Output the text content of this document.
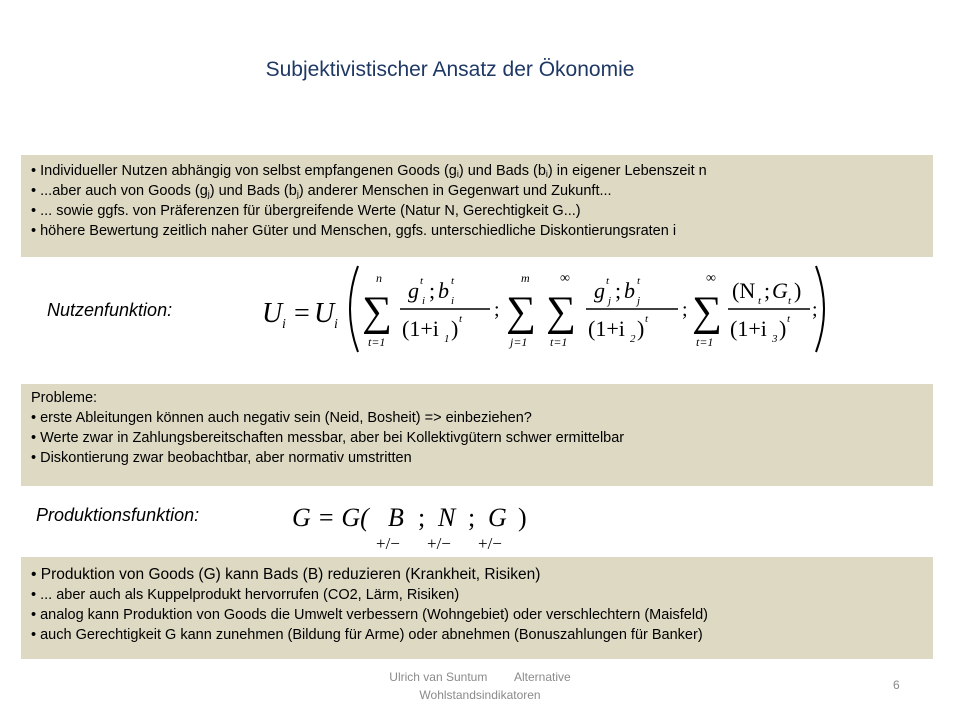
Subjektivistischer Ansatz der Ökonomie
• Individueller Nutzen abhängig von selbst empfangenen Goods $(g_i)$ und Bads $(b_i)$ in eigener Lebenszeit n
• ...aber auch von Goods $(g_j)$ und Bads $(b_j)$ anderer Menschen in Gegenwart und Zukunft...
• ... sowie ggfs. von Präferenzen für übergreifende Werte (Natur N, Gerechtigkeit G...)
• höhere Bewertung zeitlich naher Güter und Menschen, ggfs. unterschiedliche Diskontierungsraten i
Nutzenfunktion:	U i = U i
n
∑
t=1
g i
t ; b i
t
(1+i 1 ) t ;
m
∑
j=1
∞
∑
t=1
g j
t ; b j
t
(1+i 2 ) t ;
∞
∑
t=1
(N t ; G t )
(1+i 3 ) t ;
Probleme:
• erste Ableitungen können auch negativ sein (Neid, Bosheit) => einbeziehen?
• Werte zwar in Zahlungsbereitschaften messbar, aber bei Kollektivgütern schwer ermittelbar
• Diskontierung zwar beobachtbar, aber normativ umstritten
Produktionsfunktion:	G = G( B ; N ; G )
+/− +/− +/−
• Produktion von Goods (G) kann Bads (B) reduzieren (Krankheit, Risiken)
• ... aber auch als Kuppelprodukt hervorrufen (CO2, Lärm, Risiken)
• analog kann Produktion von Goods die Umwelt verbessern (Wohngebiet) oder verschlechtern (Maisfeld)
• auch Gerechtigkeit G kann zunehmen (Bildung für Arme) oder abnehmen (Bonuszahlungen für Banker)
Ulrich van Suntum Alternative Wohlstandsindikatoren
6
